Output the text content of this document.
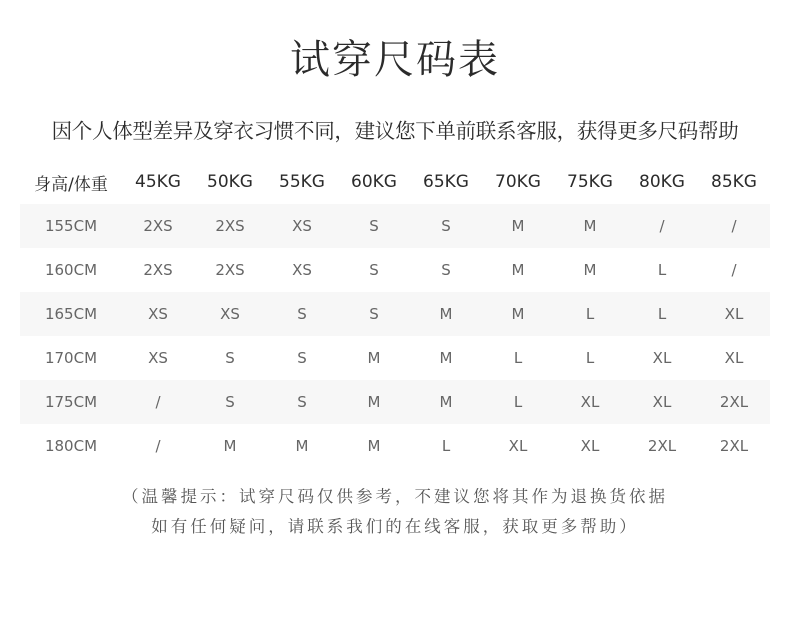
试穿尺码表
因个人体型差异及穿衣习惯不同，建议您下单前联系客服，获得更多尺码帮助
身高/体重	45KG	50KG	55KG	60KG	65KG	70KG	75KG	80KG	85KG
155CM	2XS	2XS	XS	S	S	M	M	/	/
160CM	2XS	2XS	XS	S	S	M	M	L	/
165CM	XS	XS	S	S	M	M	L	L	XL
170CM	XS	S	S	M	M	L	L	XL	XL
175CM	/	S	S	M	M	L	XL	XL	2XL
180CM	/	M	M	M	L	XL	XL	2XL	2XL
（温馨提示：试穿尺码仅供参考，不建议您将其作为退换货依据
如有任何疑问，请联系我们的在线客服，获取更多帮助）
